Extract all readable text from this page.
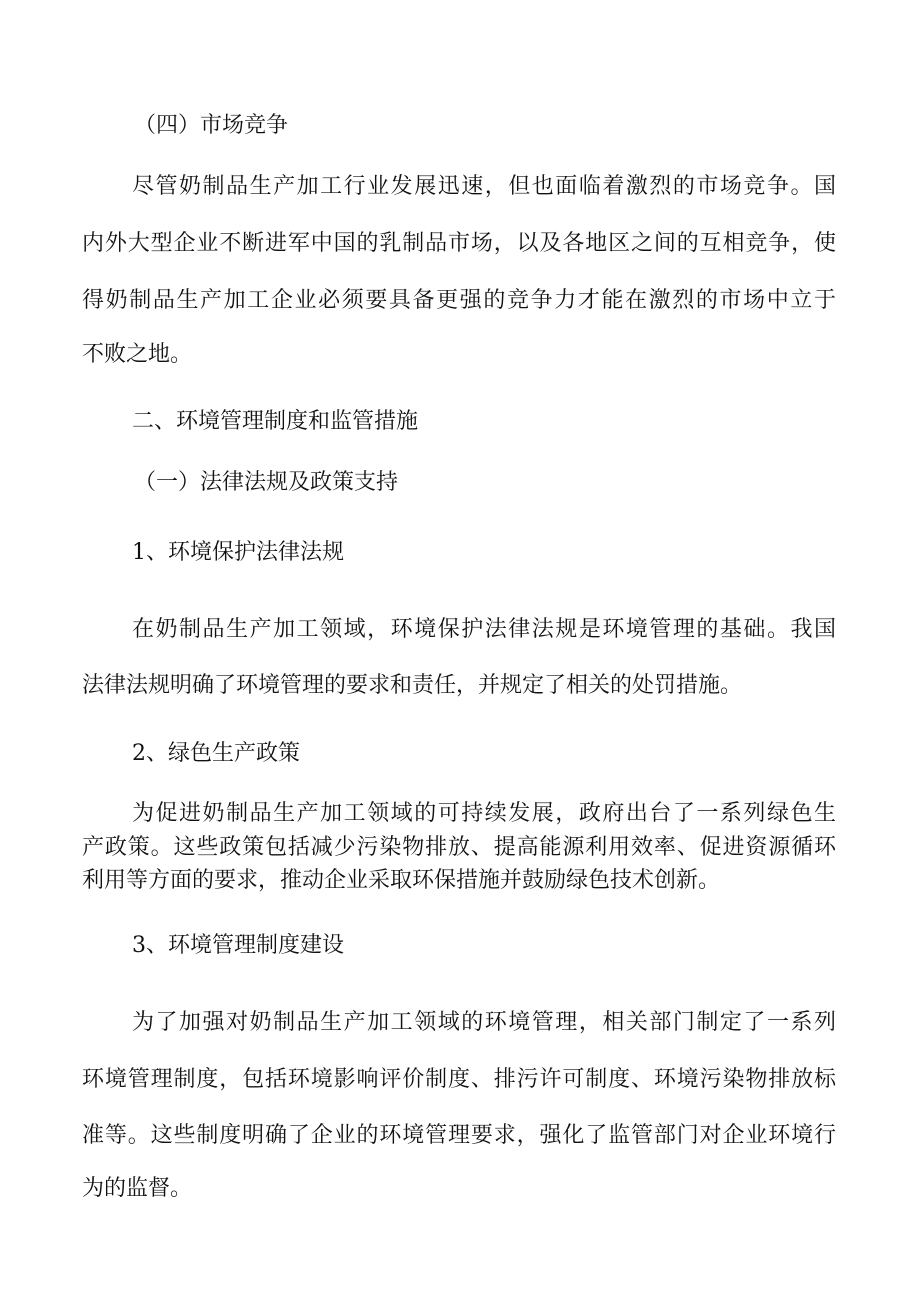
（四）市场竞争
尽管奶制品生产加工行业发展迅速，但也面临着激烈的市场竞争。国
内外大型企业不断进军中国的乳制品市场，以及各地区之间的互相竞争，使
得奶制品生产加工企业必须要具备更强的竞争力才能在激烈的市场中立于
不败之地。
二、环境管理制度和监管措施
（一）法律法规及政策支持
1、环境保护法律法规
在奶制品生产加工领域，环境保护法律法规是环境管理的基础。我国
法律法规明确了环境管理的要求和责任，并规定了相关的处罚措施。
2、绿色生产政策
为促进奶制品生产加工领域的可持续发展，政府出台了一系列绿色生
产政策。这些政策包括减少污染物排放、提高能源利用效率、促进资源循环
利用等方面的要求，推动企业采取环保措施并鼓励绿色技术创新。
3、环境管理制度建设
为了加强对奶制品生产加工领域的环境管理，相关部门制定了一系列
环境管理制度，包括环境影响评价制度、排污许可制度、环境污染物排放标
准等。这些制度明确了企业的环境管理要求，强化了监管部门对企业环境行
为的监督。
